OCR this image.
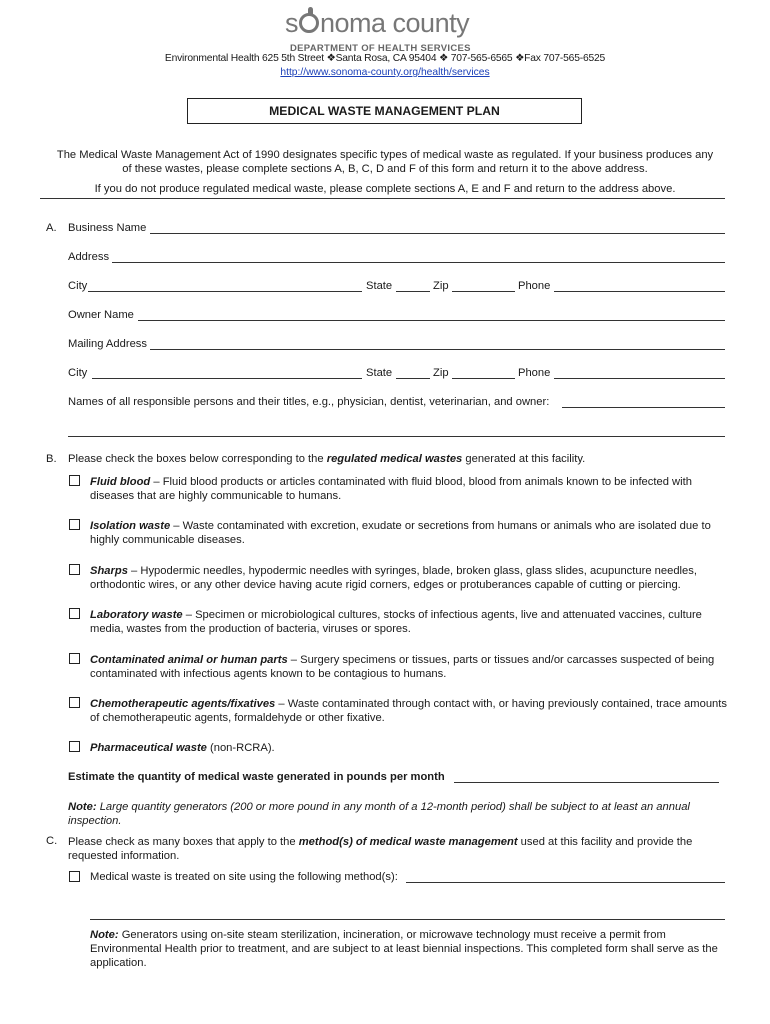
s noma county
DEPARTMENT OF HEALTH SERVICES
Environmental Health 625 5th Street ❖Santa Rosa, CA 95404 ❖ 707-565-6565 ❖Fax 707-565-6525
http://www.sonoma-county.org/health/services
MEDICAL WASTE MANAGEMENT PLAN
The Medical Waste Management Act of 1990 designates specific types of medical waste as regulated. If your business produces any
of these wastes, please complete sections A, B, C, D and F of this form and return it to the above address.
If you do not produce regulated medical waste, please complete sections A, E and F and return to the address above.
A. Business Name
Address
City	State	Zip	Phone
Owner Name
Mailing Address
City	State	Zip	Phone
Names of all responsible persons and their titles, e.g., physician, dentist, veterinarian, and owner:
B. Please check the boxes below corresponding to the regulated medical wastes generated at this facility.
Fluid blood – Fluid blood products or articles contaminated with fluid blood, blood from animals known to be infected with diseases that are highly communicable to humans.
Isolation waste – Waste contaminated with excretion, exudate or secretions from humans or animals who are isolated due to highly communicable diseases.
Sharps – Hypodermic needles, hypodermic needles with syringes, blade, broken glass, glass slides, acupuncture needles, orthodontic wires, or any other device having acute rigid corners, edges or protuberances capable of cutting or piercing.
Laboratory waste – Specimen or microbiological cultures, stocks of infectious agents, live and attenuated vaccines, culture media, wastes from the production of bacteria, viruses or spores.
Contaminated animal or human parts – Surgery specimens or tissues, parts or tissues and/or carcasses suspected of being contaminated with infectious agents known to be contagious to humans.
Chemotherapeutic agents/fixatives – Waste contaminated through contact with, or having previously contained, trace amounts of chemotherapeutic agents, formaldehyde or other fixative.
Pharmaceutical waste (non-RCRA).
Estimate the quantity of medical waste generated in pounds per month
Note: Large quantity generators (200 or more pound in any month of a 12-month period) shall be subject to at least an annual inspection.
C. Please check as many boxes that apply to the method(s) of medical waste management used at this facility and provide the requested information.
Medical waste is treated on site using the following method(s):
Note: Generators using on-site steam sterilization, incineration, or microwave technology must receive a permit from Environmental Health prior to treatment, and are subject to at least biennial inspections. This completed form shall serve as the application.
